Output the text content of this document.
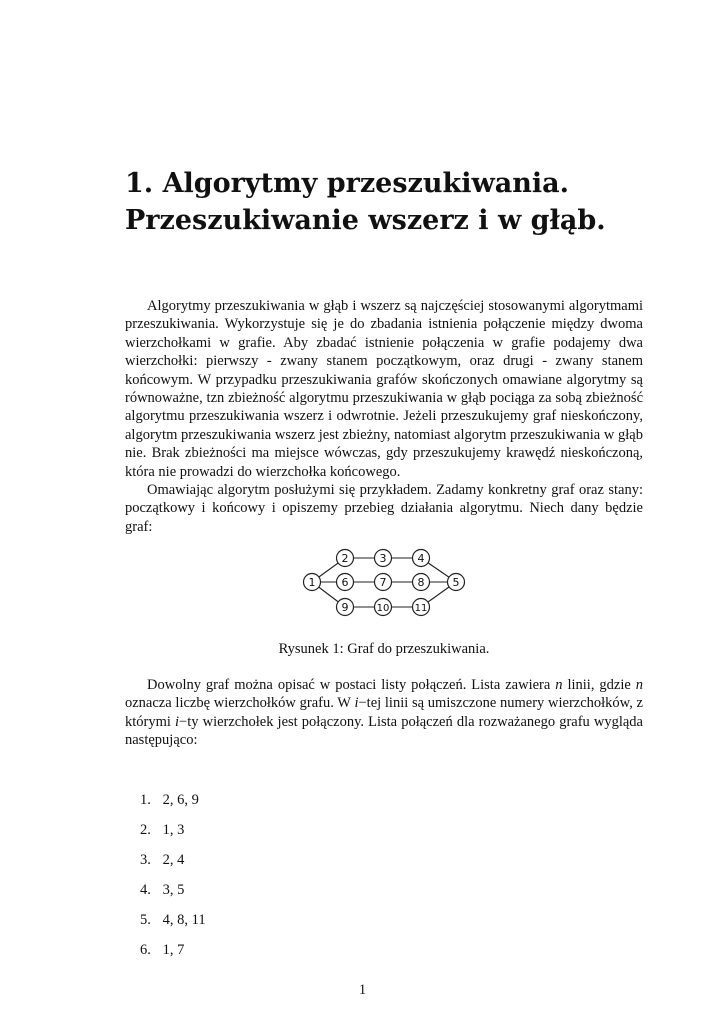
1. Algorytmy przeszukiwania.
Przeszukiwanie wszerz i w głąb.

Algorytmy przeszukiwania w głąb i wszerz są najczęściej stosowanymi algorytmami przeszukiwania. Wykorzystuje się je do zbadania istnienia połączenie między dwoma wierzchołkami w grafie. Aby zbadać istnienie połączenia w grafie podajemy dwa wierzchołki: pierwszy - zwany stanem początkowym, oraz drugi - zwany stanem końcowym. W przypadku przeszukiwania grafów skończonych omawiane algorytmy są równoważne, tzn zbieżność algorytmu przeszukiwania w głąb pociąga za sobą zbieżność algorytmu przeszukiwania wszerz i odwrotnie. Jeżeli przeszukujemy graf nieskończony, algorytm przeszukiwania wszerz jest zbieżny, natomiast algorytm przeszukiwania w głąb nie. Brak zbieżności ma miejsce wówczas, gdy przeszukujemy krawędź nieskończoną, która nie prowadzi do wierzchołka końcowego.

Omawiając algorytm posłużymi się przykładem. Zadamy konkretny graf oraz stany: początkowy i końcowy i opiszemy przebieg działania algorytmu. Niech dany będzie graf:

1
2	3	4
5
6	7	8
9	10	11
Rysunek 1: Graf do przeszukiwania.

Dowolny graf można opisać w postaci listy połączeń. Lista zawiera n linii, gdzie n oznacza liczbę wierzchołków grafu. W i−tej linii są umiszczone numery wierzchołków, z którymi i−ty wierzchołek jest połączony. Lista połączeń dla rozważanego grafu wygląda następująco:

1. 2, 6, 9
2. 1, 3
3. 2, 4
4. 3, 5
5. 4, 8, 11
6. 1, 7
1
